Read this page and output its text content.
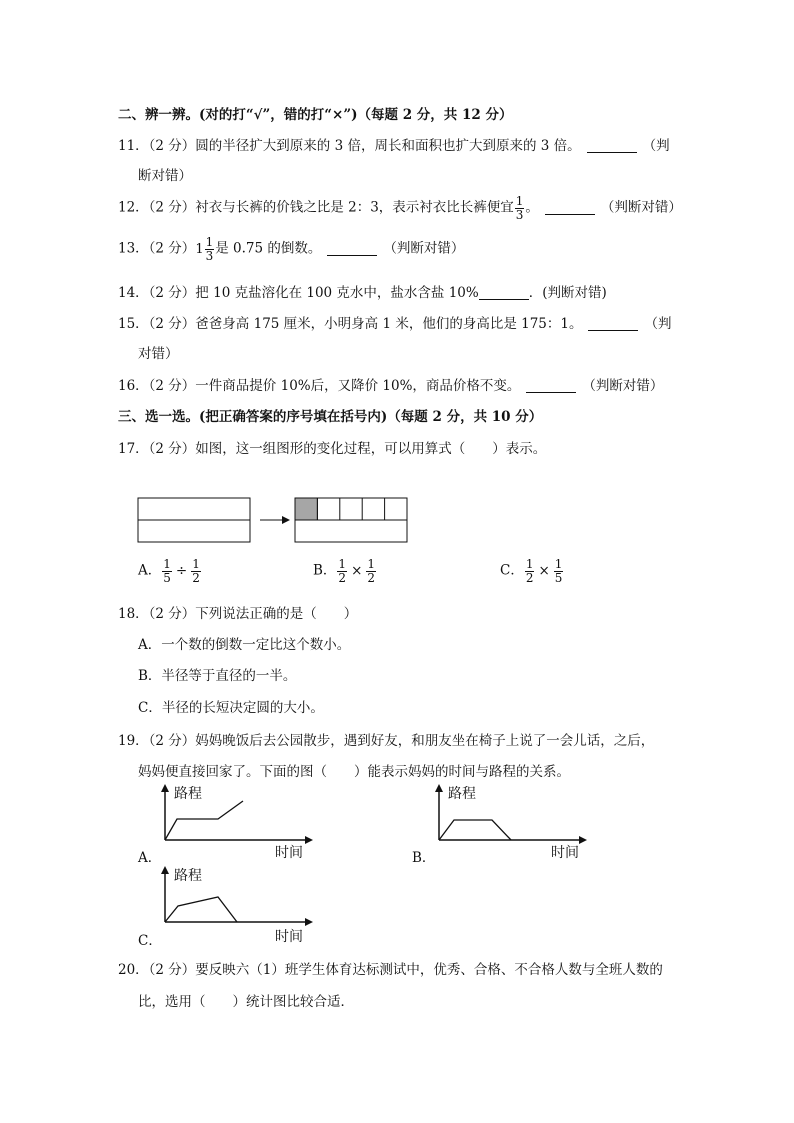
二、辨一辨。(对的打“√”，错的打“×”)（每题 2 分，共 12 分）
11．（2 分）圆的半径扩大到原来的 3 倍，周长和面积也扩大到原来的 3 倍。	（判
断对错）
12．（2 分）衬衣与长裤的价钱之比是 2：3，表示衬衣比长裤便宜 $\frac{1}{3}$ 。	（判断对错）
13．（2 分）$1 \frac{1}{3}$ 是 0.75 的倒数。	（判断对错）
14．（2 分）把 10 克盐溶化在 100 克水中，盐水含盐 10%	．(判断对错)
15．（2 分）爸爸身高 175 厘米，小明身高 1 米，他们的身高比是 175：1。	（判
对错）
16．（2 分）一件商品提价 10%后，又降价 10%，商品价格不变。	（判断对错）
三、选一选。(把正确答案的序号填在括号内)（每题 2 分，共 10 分）
17．（2 分）如图，这一组图形的变化过程，可以用算式（　　）表示。
A． $\frac{1}{5} \div \frac{1}{2}$	B． $\frac{1}{2} \times \frac{1}{2}$	C． $\frac{1}{2} \times \frac{1}{5}$
18．（2 分）下列说法正确的是（　　）
A．一个数的倒数一定比这个数小。
B．半径等于直径的一半。
C．半径的长短决定圆的大小。
19．（2 分）妈妈晚饭后去公园散步，遇到好友，和朋友坐在椅子上说了一会儿话，之后，
妈妈便直接回家了。下面的图（　　）能表示妈妈的时间与路程的关系。
路程
时间
A．
路程
时间
B．
路程
时间
C．
20．（2 分）要反映六（1）班学生体育达标测试中，优秀、合格、不合格人数与全班人数的
比，选用（　　）统计图比较合适．
